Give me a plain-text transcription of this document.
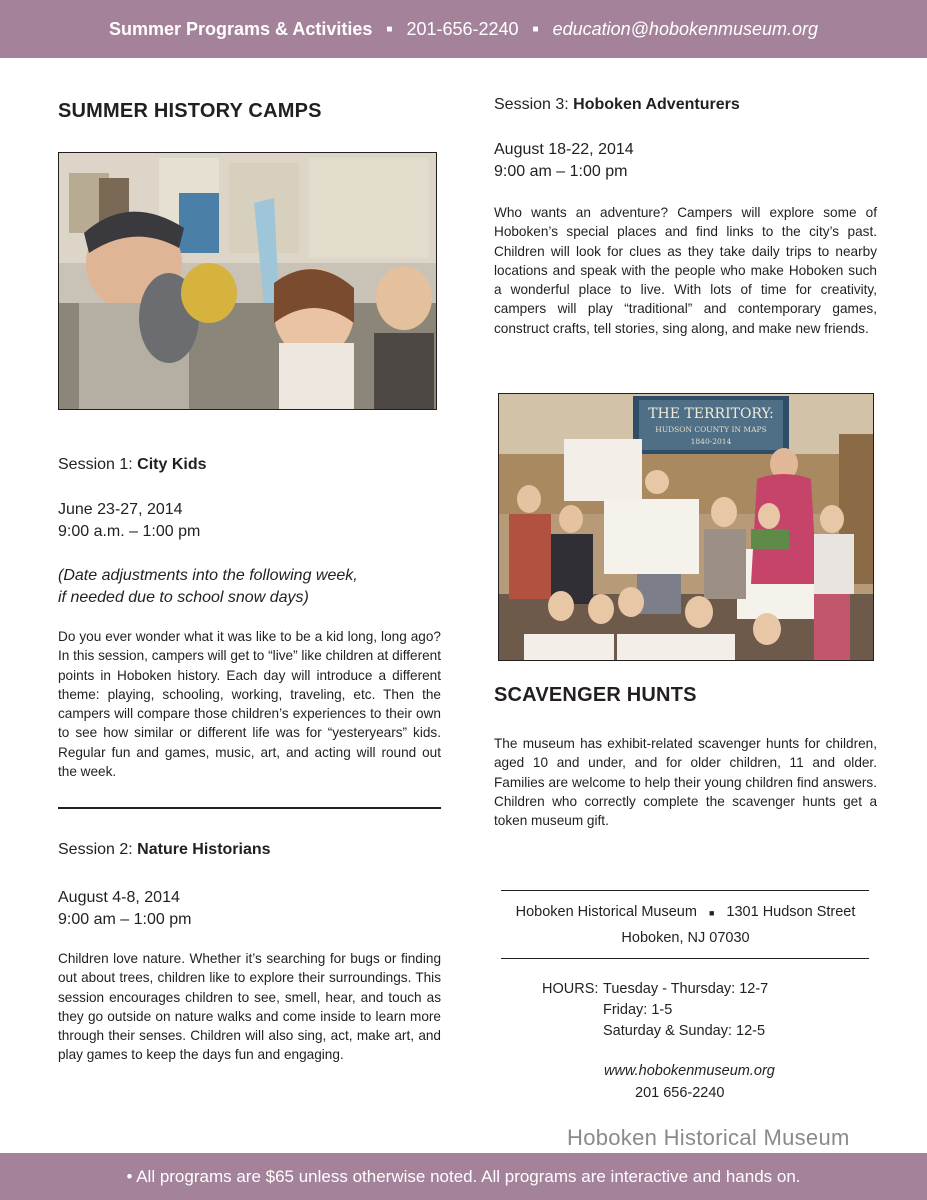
Summer Programs & Activities ■ 201-656-2240 ■ education@hobokenmuseum.org
SUMMER HISTORY CAMPS

Session 1: City Kids

June 23-27, 2014

9:00 a.m. – 1:00 pm

(Date adjustments into the following week,

if needed due to school snow days)

Do you ever wonder what it was like to be a kid long, long ago? In this session, campers will get to “live” like children at different points in Hoboken history. Each day will introduce a different theme: playing, schooling, working, traveling, etc. Then the campers will compare those children’s experiences to their own to see how similar or different life was for “yesteryears” kids. Regular fun and games, music, art, and acting will round out the week.

Session 2: Nature Historians

August 4-8, 2014

9:00 am – 1:00 pm

Children love nature. Whether it’s searching for bugs or finding out about trees, children like to explore their surroundings. This session encourages children to see, smell, hear, and touch as they go outside on nature walks and come inside to learn more through their senses. Children will also sing, act, make art, and play games to keep the days fun and engaging.

Session 3: Hoboken Adventurers

August 18-22, 2014

9:00 am – 1:00 pm

Who wants an adventure? Campers will explore some of Hoboken’s special places and find links to the city’s past. Children will look for clues as they take daily trips to nearby locations and speak with the people who make Hoboken such a wonderful place to live. With lots of time for creativity, campers will play “traditional” and contemporary games, construct crafts, tell stories, sing along, and make new friends.

THE TERRITORY:
HUDSON COUNTY IN MAPS
1840-2014
SCAVENGER HUNTS

The museum has exhibit-related scavenger hunts for children, aged 10 and under, and for older children, 11 and older. Families are welcome to help their young children find answers. Children who correctly complete the scavenger hunts get a token museum gift.

Hoboken Historical Museum ■ 1301 Hudson Street
Hoboken, NJ 07030
HOURS: Tuesday - Thursday: 12-7
Friday: 1-5
Saturday & Sunday: 12-5
www.hobokenmuseum.org
201 656-2240
Hoboken Historical Museum
• All programs are $65 unless otherwise noted. All programs are interactive and hands on.
